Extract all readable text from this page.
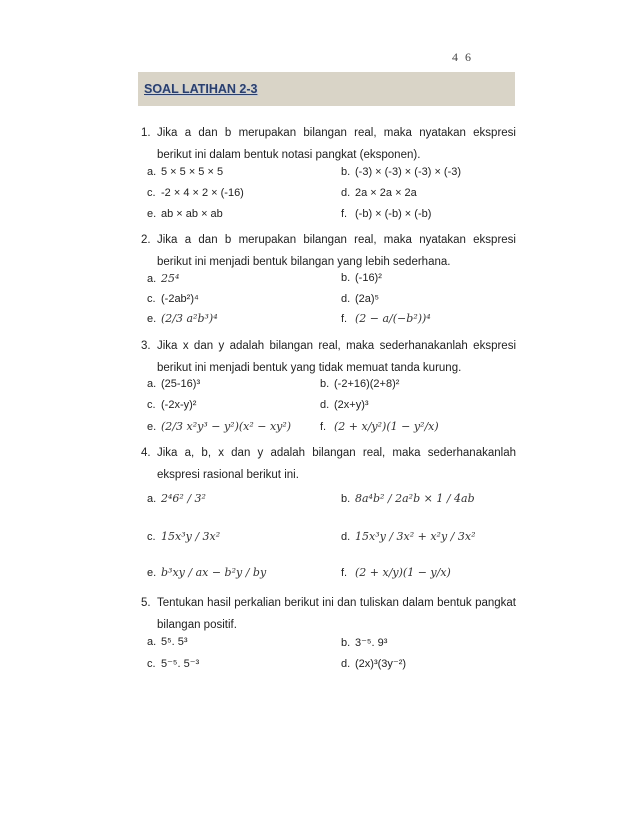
4 6
SOAL LATIHAN 2-3
1. Jika a dan b merupakan bilangan real, maka nyatakan ekspresi berikut ini dalam bentuk notasi pangkat (eksponen).
a. 5 × 5 × 5 × 5	b. (-3) × (-3) × (-3) × (-3)
c. -2 × 4 × 2 × (-16)	d. 2a × 2a × 2a
e. ab × ab × ab	f. (-b) × (-b) × (-b)
2. Jika a dan b merupakan bilangan real, maka nyatakan ekspresi berikut ini menjadi bentuk bilangan yang lebih sederhana.
a. 25⁴	b. (-16)²
c. (-2ab²)⁴	d. (2a)⁵
e. (2/3 a²b³)⁴	f. (2 − a/(−b²))⁴
3. Jika x dan y adalah bilangan real, maka sederhanakanlah ekspresi berikut ini menjadi bentuk yang tidak memuat tanda kurung.
a. (25-16)³	b. (-2+16)(2+8)²
c. (-2x-y)²	d. (2x+y)³
e. (2/3 x²y³ − y²)(x² − xy²)	f. (2 + x/y²)(1 − y²/x)
4. Jika a, b, x dan y adalah bilangan real, maka sederhanakanlah ekspresi rasional berikut ini.
a. 2⁴6² / 3²	b. 8a⁴b² / 2a²b × 1 / 4ab
c. 15x³y / 3x²	d. 15x³y / 3x² + x²y / 3x²
e. b³xy / ax − b²y / by	f. (2 + x/y)(1 − y/x)
5. Tentukan hasil perkalian berikut ini dan tuliskan dalam bentuk pangkat bilangan positif.
a. 5⁵. 5³	b. 3⁻⁵. 9³
c. 5⁻⁵. 5⁻³	d. (2x)³(3y⁻²)
